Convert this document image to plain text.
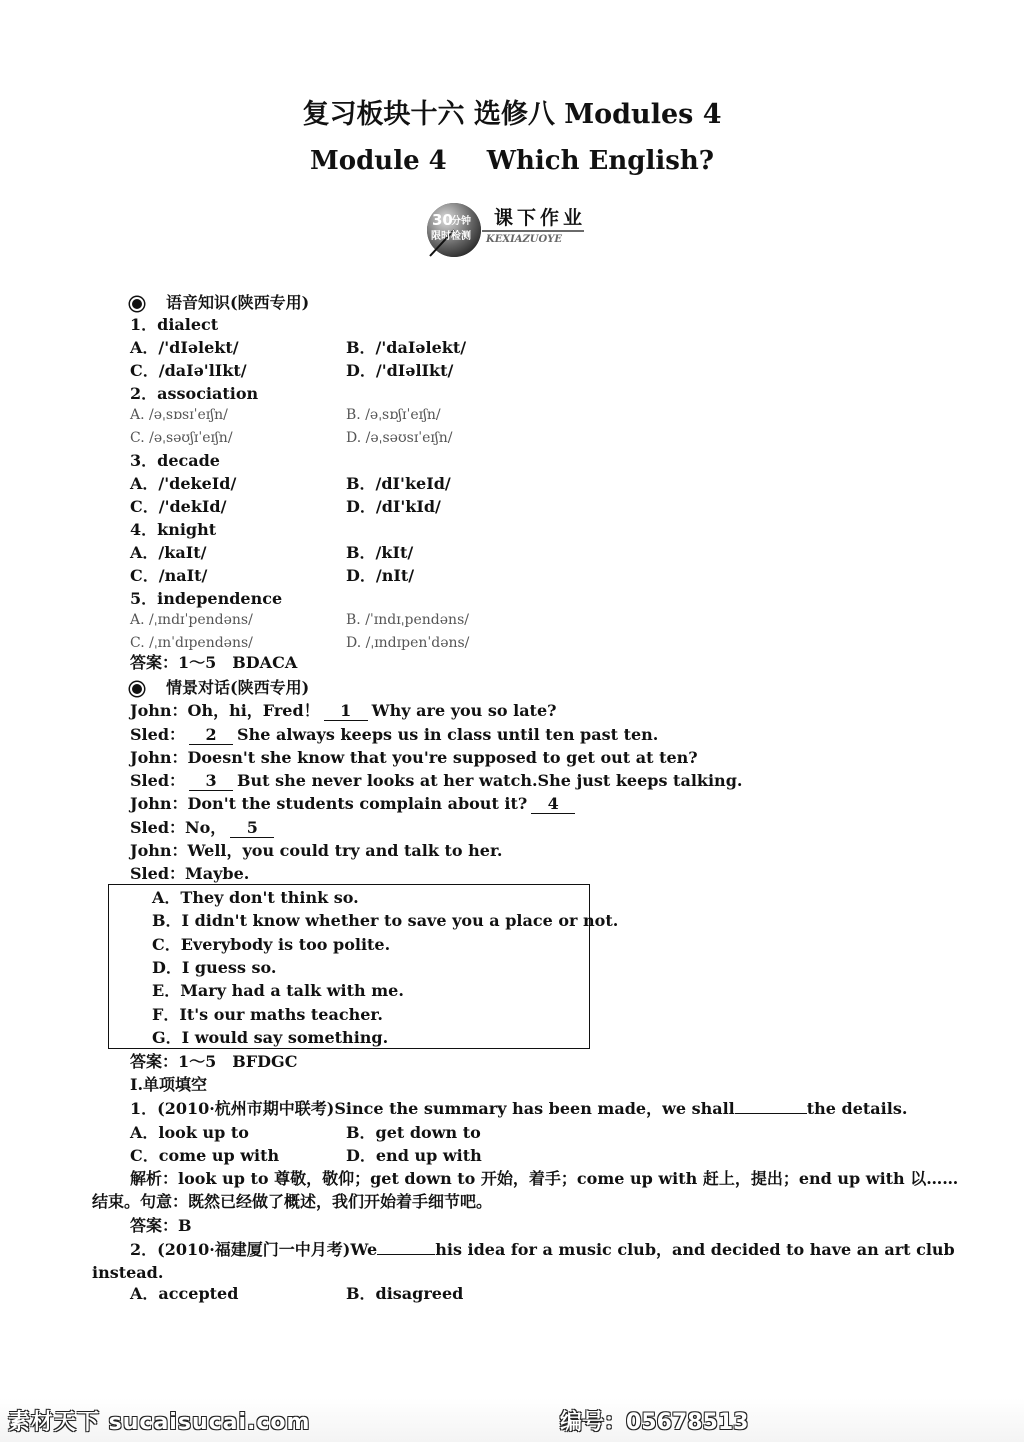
复习板块十六 选修八 Modules 4
Module 4 Which English?
30
分钟
限时检测
课下作业
KEXIAZUOYE
语音知识(陕西专用)
1．dialect
A．/'dIəlekt/	B．/'daIəlekt/
C．/daIə'lIkt/	D．/'dIəlIkt/
2．association
A. /əˌsɒsɪˈeɪʃn/	B. /əˌsɒʃɪˈeɪʃn/
C. /əˌsəʊʃɪˈeɪʃn/	D. /əˌsəʊsɪˈeɪʃn/
3．decade
A．/'dekeId/	B．/dI'keId/
C．/'dekId/	D．/dI'kId/
4．knight
A．/kaIt/	B．/kIt/
C．/naIt/	D．/nIt/
5．independence
A. /ˌɪndɪˈpendəns/	B. /ˈɪndɪˌpendəns/
C. /ˌɪnˈdɪpendəns/	D. /ˌɪndɪpenˈdəns/
答案：1～5　BDACA
情景对话(陕西专用)
John：Oh，hi，Fred！ 1 Why are you so late?
Sled： 2 She always keeps us in class until ten past ten.
John：Doesn't she know that you're supposed to get out at ten?
Sled： 3 But she never looks at her watch.She just keeps talking.
John：Don't the students complain about it? 4
Sled：No， 5
John：Well，you could try and talk to her.
Sled：Maybe.
A．They don't think so.
B．I didn't know whether to save you a place or not.
C．Everybody is too polite.
D．I guess so.
E．Mary had a talk with me.
F．It's our maths teacher.
G．I would say something.
答案：1～5　BFDGC
Ⅰ.单项填空
1．(2010·杭州市期中联考)Since the summary has been made，we shall	the details.
A．look up to	B．get down to
C．come up with	D．end up with
解析：look up to 尊敬，敬仰；get down to 开始，着手；come up with 赶上，提出；end up with 以……
结束。句意：既然已经做了概述，我们开始着手细节吧。
答案：B
2．(2010·福建厦门一中月考)We	his idea for a music club，and decided to have an art club
instead.
A．accepted	B．disagreed
素材天下 sucaisucai.com	编号：05678513
